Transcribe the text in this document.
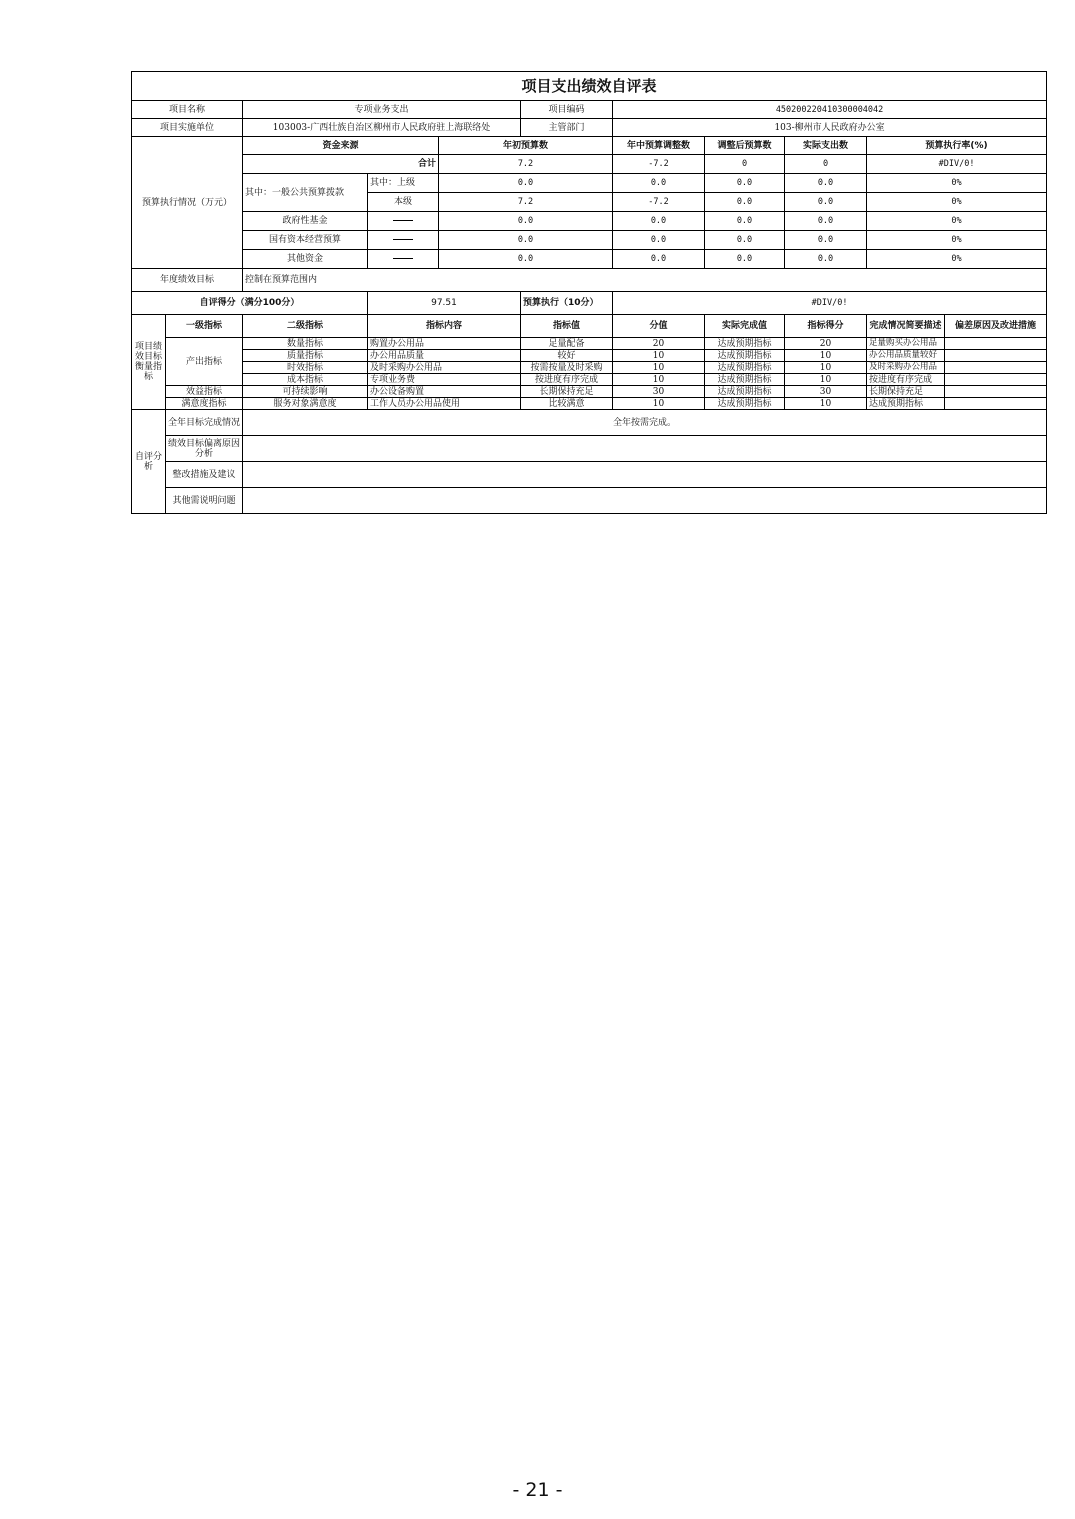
项目支出绩效自评表										
项目名称		专项业务支出			项目编码	450200220410300004042				
项目实施单位		103003-广西壮族自治区柳州市人民政府驻上海联络处			主管部门	103-柳州市人民政府办公室				
预算执行情况（万元）		资金来源		年初预算数		年中预算调整数	调整后预算数	实际支出数	预算执行率(%)	
		合计		7.2		-7.2	0	0	#DIV/0!	
		其中：一般公共预算拨款	其中：上级	0.0		0.0	0.0	0.0	0%	
			本级	7.2		-7.2	0.0	0.0	0%	
		政府性基金		0.0		0.0	0.0	0.0	0%	
		国有资本经营预算		0.0		0.0	0.0	0.0	0%	
		其他资金		0.0		0.0	0.0	0.0	0%	
年度绩效目标		控制在预算范围内								
自评得分（满分100分）			97.51		预算执行（10分）	#DIV/0!				
项目绩效目标衡量指标	一级指标	二级指标	指标内容		指标值	分值	实际完成值	指标得分	完成情况简要描述	偏差原因及改进措施
	产出指标	数量指标	购置办公用品		足量配备	20	达成预期指标	20	足量购买办公用品	

		质量指标	办公用品质量		较好	10	达成预期指标	10	办公用品质量较好	

		时效指标	及时采购办公用品		按需按量及时采购	10	达成预期指标	10	及时采购办公用品	

		成本指标	专项业务费		按进度有序完成	10	达成预期指标	10	按进度有序完成	
	效益指标	可持续影响	办公设备购置		长期保持充足	30	达成预期指标	30	长期保持充足	
	满意度指标	服务对象满意度	工作人员办公用品使用		比较满意	10	达成预期指标	10	达成预期指标	
自评分析	全年目标完成情况	全年按需完成。								
	绩效目标偏离原因分析									
	整改措施及建议									
	其他需说明问题									
- 21 -
